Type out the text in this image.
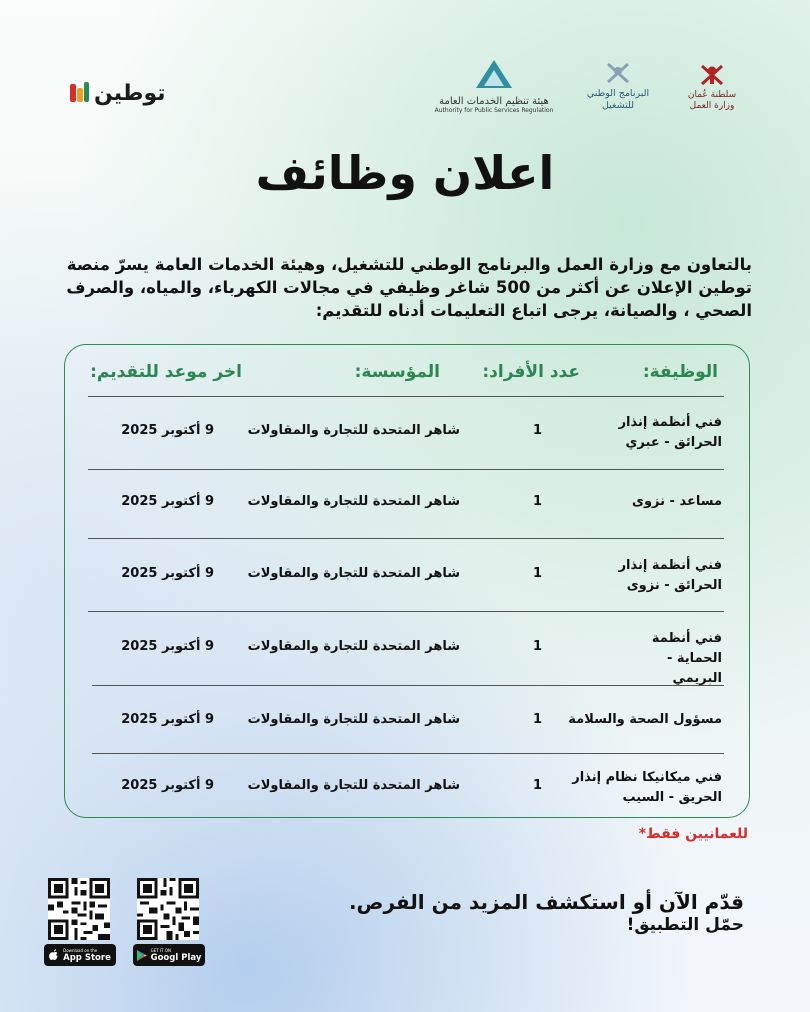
توطين	هيئة تنظيم الخدمات العامة
Authority for Public Services Regulation
البرنامج الوطني
للتشغيل
سلطنة عُمان
وزارة العمل
اعلان وظائف
بالتعاون مع وزارة العمل والبرنامج الوطني للتشغيل، وهيئة الخدمات العامة يسرّ منصة توطين الإعلان عن أكثر من 500 شاغر وظيفي في مجالات الكهرباء، والمياه، والصرف الصحي ، والصيانة، يرجى اتباع التعليمات أدناه للتقديم:
الوظيفة:
عدد الأفراد:
المؤسسة:
اخر موعد للتقديم:
فني أنظمة إنذار الحرائق - عبري
1
شاهر المتحدة للتجارة والمقاولات
9 أكتوبر 2025
مساعد - نزوى
1
شاهر المتحدة للتجارة والمقاولات
9 أكتوبر 2025
فني أنظمة إنذار الحرائق - نزوى
1
شاهر المتحدة للتجارة والمقاولات
9 أكتوبر 2025
فني أنظمة الحماية - البريمي
1
شاهر المتحدة للتجارة والمقاولات
9 أكتوبر 2025
مسؤول الصحة والسلامة
1
شاهر المتحدة للتجارة والمقاولات
9 أكتوبر 2025
فني ميكانيكا نظام إنذار الحريق - السيب
1
شاهر المتحدة للتجارة والمقاولات
9 أكتوبر 2025
للعمانيين فقط*
قدّم الآن أو استكشف المزيد من الفرص.
حمّل التطبيق!
Download on the
App Store
GET IT ON
Googl Play
